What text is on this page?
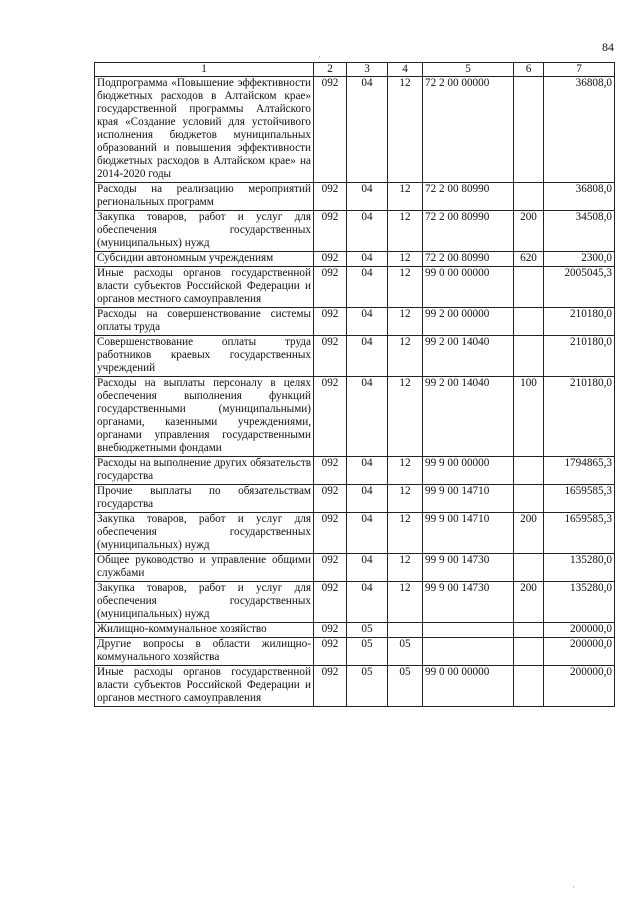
84
1	2	3	4	5	6	7
Подпрограмма «Повышение эффективности бюджетных расходов в Алтайском крае» государственной программы Алтайского края «Создание условий для устойчивого исполнения бюджетов муниципальных образований и повышения эффективности бюджетных расходов в Алтайском крае» на 2014-2020 годы	092	04	12	72 2 00 00000		36808,0
Расходы на реализацию мероприятий региональных программ	092	04	12	72 2 00 80990		36808,0
Закупка товаров, работ и услуг для обеспечения государственных (муниципальных) нужд	092	04	12	72 2 00 80990	200	34508,0
Субсидии автономным учреждениям	092	04	12	72 2 00 80990	620	2300,0
Иные расходы органов государственной власти субъектов Российской Федерации и органов местного самоуправления	092	04	12	99 0 00 00000		2005045,3
Расходы на совершенствование системы оплаты труда	092	04	12	99 2 00 00000		210180,0
Совершенствование оплаты труда работников краевых государственных учреждений	092	04	12	99 2 00 14040		210180,0
Расходы на выплаты персоналу в целях обеспечения выполнения функций государственными (муниципальными) органами, казенными учреждениями, органами управления государственными внебюджетными фондами	092	04	12	99 2 00 14040	100	210180,0
Расходы на выполнение других обязательств государства	092	04	12	99 9 00 00000		1794865,3
Прочие выплаты по обязательствам государства	092	04	12	99 9 00 14710		1659585,3
Закупка товаров, работ и услуг для обеспечения государственных (муниципальных) нужд	092	04	12	99 9 00 14710	200	1659585,3
Общее руководство и управление общими службами	092	04	12	99 9 00 14730		135280,0
Закупка товаров, работ и услуг для обеспечения государственных (муниципальных) нужд	092	04	12	99 9 00 14730	200	135280,0
Жилищно-коммунальное хозяйство	092	05				200000,0
Другие вопросы в области жилищно-коммунального хозяйства	092	05	05			200000,0
Иные расходы органов государственной власти субъектов Российской Федерации и органов местного самоуправления	092	05	05	99 0 00 00000		200000,0
·
·
